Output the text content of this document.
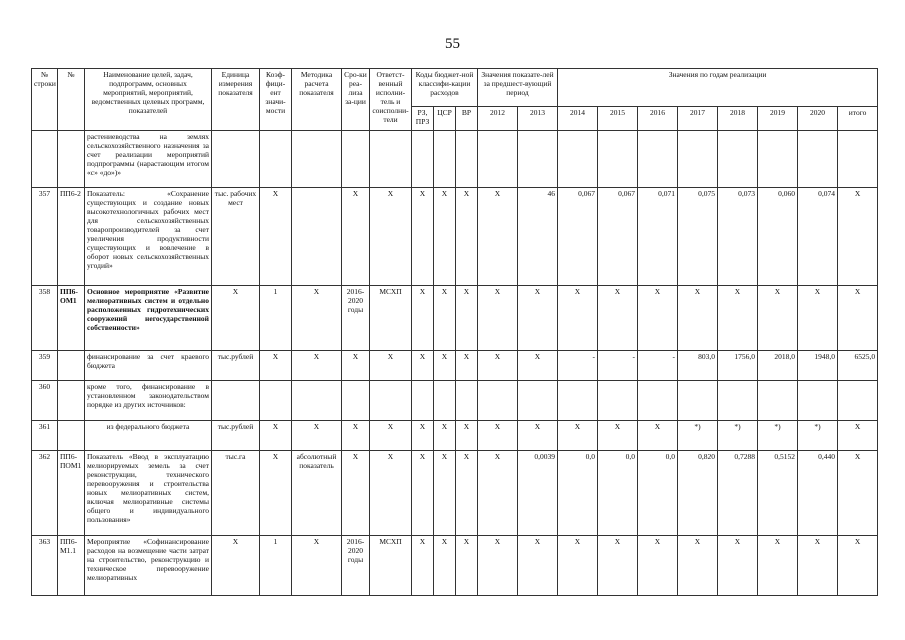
55
№ строки	№	Наименование целей, задач, подпрограмм, основных мероприятий, мероприятий, ведомственных целевых программ, показателей	Единица измерения показателя	Коэф-фици-ент значи-мости	Методика расчета показателя	Сро-ки реа-лиза за-ции	Ответст-венный исполни-тель и соисполни-тели	Коды бюджет-ной классифи-кации расходов			Значения показате-лей за предшест-вующий период		Значения по годам реализации							
								РЗ, ПРЗ	ЦСР	ВР	2012	2013	2014	2015	2016	2017	2018	2019	2020	итого
		растениеводства на землях сельскохозяйственного назначения за счет реализации мероприятий подпрограммы (нарастающим итогом «с» «до»)»																		
357	ПП6-2	Показатель: «Сохранение существующих и создание новых высокотехнологичных рабочих мест для сельскохозяйственных товаропроизводителей за счет увеличения продуктивности существующих и вовлечение в оборот новых сельскохозяйственных угодий»	тыс. рабочих мест	Х		Х	Х	Х	Х	Х	Х	46	0,067	0,067	0,071	0,075	0,073	0,060	0,074	Х
358	ПП6-ОМ1	Основное мероприятие «Развитие мелиоративных систем и отдельно расположенных гидротехнических сооружений негосударственной собственности»	Х	1	Х	2016-2020 годы	МСХП	Х	Х	Х	Х	Х	Х	Х	Х	Х	Х	Х	Х	Х
359		финансирование за счет краевого бюджета	тыс.рублей	Х	Х	Х	Х	Х	Х	Х	Х	Х	-	-	-	803,0	1756,0	2018,0	1948,0	6525,0
360		кроме того, финансирование в установленном законодательством порядке из других источников:																		
361		из федерального бюджета	тыс.рублей	Х	Х	Х	Х	Х	Х	Х	Х	Х	Х	Х	Х	*)	*)	*)	*)	Х
362	ПП6-ПОМ1	Показатель «Ввод в эксплуатацию мелиорируемых земель за счет реконструкции, технического перевооружения и строительства новых мелиоративных систем, включая мелиоративные системы общего и индивидуального пользования»	тыс.га	Х	абсолютный показатель	Х	Х	Х	Х	Х	Х	0,0039	0,0	0,0	0,0	0,820	0,7288	0,5152	0,440	Х
363	ПП6-М1.1	Мероприятие «Софинансирование расходов на возмещение части затрат на строительство, реконструкцию и техническое перевооружение мелиоративных	Х	1	Х	2016-2020 годы	МСХП	Х	Х	Х	Х	Х	Х	Х	Х	Х	Х	Х	Х	Х
